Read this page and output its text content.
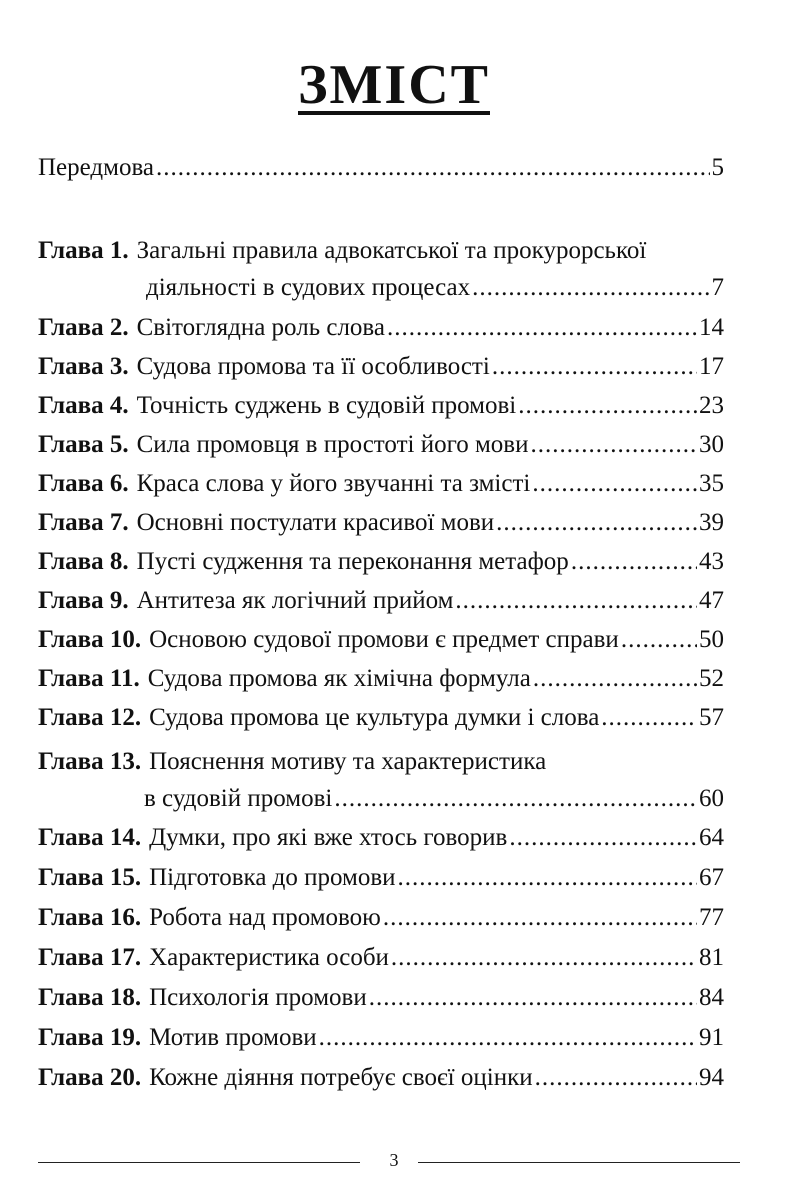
ЗМІСТ
Передмова .....	5
Глава 1. Загальні правила адвокатської та прокурорської
діяльності в судових процесах .....	7
Глава 2. Світоглядна роль слова .....	14
Глава 3. Судова промова та її особливості .....	17
Глава 4. Точність суджень в судовій промові .....	23
Глава 5. Сила промовця в простоті його мови .....	30
Глава 6. Краса слова у його звучанні та змісті .....	35
Глава 7. Основні постулати красивої мови .....	39
Глава 8. Пусті судження та переконання метафор .....	43
Глава 9. Антитеза як логічний прийом .....	47
Глава 10. Основою судової промови є предмет справи .....	50
Глава 11. Судова промова як хімічна формула .....	52
Глава 12. Судова промова це культура думки і слова .....	57
Глава 13. Пояснення мотиву та характеристика
в судовій промові .....	60
Глава 14. Думки, про які вже хтось говорив .....	64
Глава 15. Підготовка до промови .....	67
Глава 16. Робота над промовою .....	77
Глава 17. Характеристика особи .....	81
Глава 18. Психологія промови .....	84
Глава 19. Мотив промови .....	91
Глава 20. Кожне діяння потребує своєї оцінки .....	94
3
